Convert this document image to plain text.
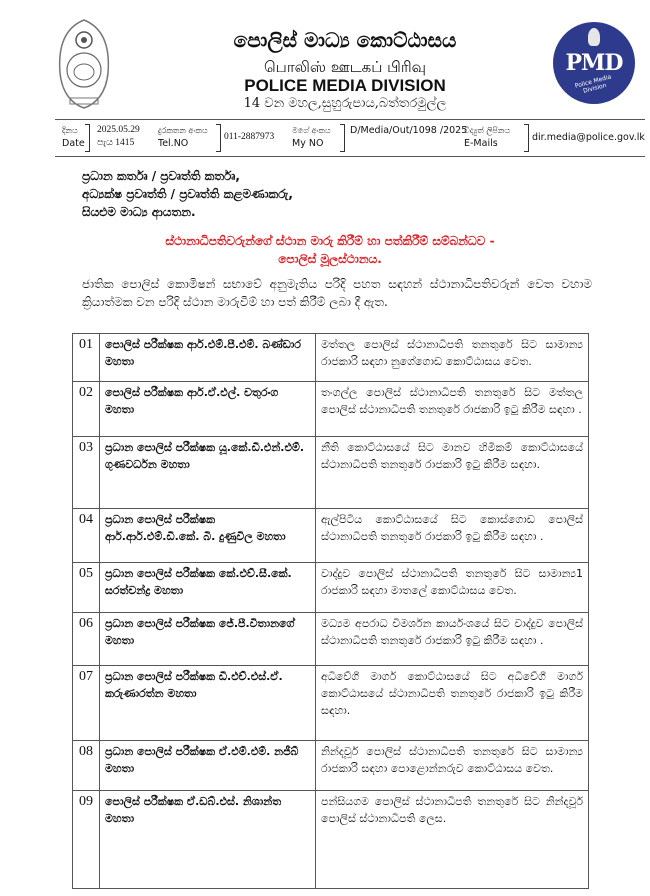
පොලිස් මාධ්‍ය කොට්ඨාසය
பொலிஸ் ஊடகப் பிரிவு
POLICE MEDIA DIVISION
14 වන මහල,සුහුරුපාය,බත්තරමුල්ල
PMD
Police Media Division
දිනය
Date
2025.05.29
පැය 1415
දුරකතන අංකය
Tel.NO
011-2887973
මගේ අංකය
My NO
D/Media/Out/1098 /2025
විද්‍යුත් ලිපිනය
E-Mails
dir.media@police.gov.lk
ප්‍රධාන කර්තෘ / ප්‍රවෘත්ති කර්තෘ,
අධ්‍යක්ෂ ප්‍රවෘත්ති / ප්‍රවෘත්ති කළමණාකරු,
සියළුම මාධ්‍ය ආයතන.
ස්ථානාධිපතිවරුන්ගේ ස්ථාන මාරු කිරීම් හා පත්කිරීම් සම්බන්ධව -
පොලිස් මූලස්ථානය.
ජාතික පොලිස් කොමිෂන් සභාවේ අනුමැතිය පරිදි පහත සඳහන් ස්ථානාධිපතිවරුන් වෙත වහාම ක්‍රියාත්මක වන පරිදි ස්ථාන මාරුවීම් හා පත් කිරීම් ලබා දී ඇත.
01	පොලිස් පරීක්ෂක ආර්.එම්.පී.එම්. බණ්ඩාර මහතා	මත්තල පොලිස් ස්ථානාධිපති තනතුරේ සිට සාමාන්‍ය රාජකාරි සඳහා නුගේගොඩ කොට්ඨාසය වෙත.
02	පොලිස් පරීක්ෂක ආර්.ඒ.එල්. චතුරංග මහතා	තංගල්ල පොලිස් ස්ථානාධිපති තනතුරේ සිට මත්තල පොලිස් ස්ථානාධිපති තනතුරේ රාජකාරි ඉටු කිරීම සඳහා .
03	ප්‍රධාන පොලිස් පරීක්ෂක යූ.කේ.ඩී.එන්.එම්. ගුණවර්ධන මහතා	නීති කොට්ඨාසයේ සිට මානව හිමිකම් කොට්ඨාසයේ ස්ථානාධිපති තනතුරේ රාජකාරි ඉටු කිරීම සඳහා.
04	ප්‍රධාන පොලිස් පරීක්ෂක ආර්.ආර්.එම්.ඩී.කේ. බී. දුණුවිල මහතා	ඇල්පිටිය කොට්ඨාසයේ සිට කොස්ගොඩ පොලිස් ස්ථානාධිපති තනතුරේ රාජකාරි ඉටු කිරීම සඳහා .
05	ප්‍රධාන පොලිස් පරීක්ෂක කේ.එච්.සී.කේ. සරත්චන්ද්‍ර මහතා	වාද්දුව පොලිස් ස්ථානාධිපති තනතුරේ සිට සාමාන්‍ය1 රාජකාරි සඳහා මාතලේ කොට්ඨාසය වෙත.
06	ප්‍රධාන පොලිස් පරීක්ෂක ජේ.පී.විතානගේ මහතා	මධ්‍යම අපරාධ විමර්ශන කාර්යංශයේ සිට වාද්දුව පොලිස් ස්ථානාධිපති තනතුරේ රාජකාරි ඉටු කිරීම සඳහා .
07	ප්‍රධාන පොලිස් පරීක්ෂක ඩී.එච්.එස්.ඒ. කරුණාරත්න මහතා	අධිවේගී මාර්ග කොට්ඨාසයේ සිට අධිවේගී මාර්ග කොට්ඨාසයේ ස්ථානාධිපති තනතුරේ රාජකාරි ඉටු කිරීම සඳහා.
08	ප්‍රධාන පොලිස් පරීක්ෂක ඒ.එම්.එම්. නජීබ් මහතා	නින්දවූර් පොලිස් ස්ථානාධිපති තනතුරේ සිට සාමාන්‍ය රාජකාරි සඳහා පොළොන්නරුව කොට්ඨාසය වෙත.
09	පොලිස් පරීක්ෂක ඒ.ඩබ්.එස්. නිශාන්ත මහතා	පන්සියගම පොලිස් ස්ථානාධිපති තනතුරේ සිට නින්දවූර් පොලිස් ස්ථානාධිපති ලෙස.
